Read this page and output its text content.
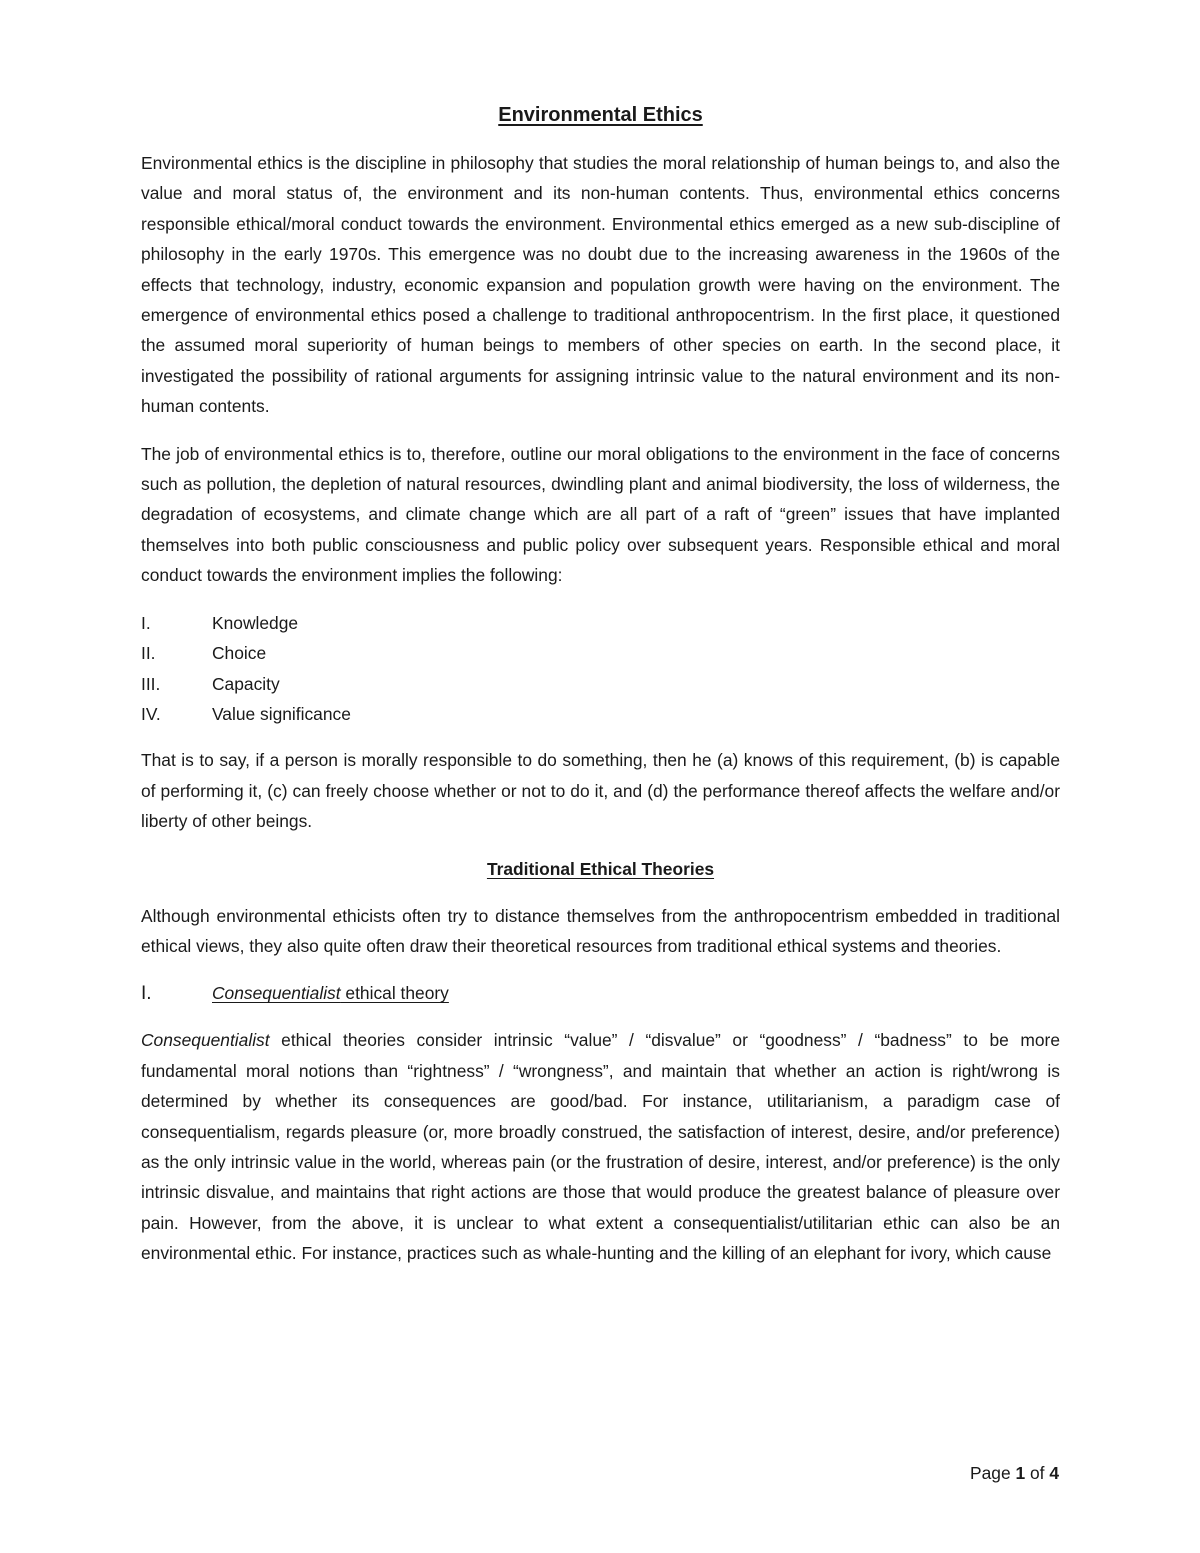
Environmental Ethics

Environmental ethics is the discipline in philosophy that studies the moral relationship of human beings to, and also the value and moral status of, the environment and its non-human contents. Thus, environmental ethics concerns responsible ethical/moral conduct towards the environment. Environmental ethics emerged as a new sub-discipline of philosophy in the early 1970s. This emergence was no doubt due to the increasing awareness in the 1960s of the effects that technology, industry, economic expansion and population growth were having on the environment. The emergence of environmental ethics posed a challenge to traditional anthropocentrism. In the first place, it questioned the assumed moral superiority of human beings to members of other species on earth. In the second place, it investigated the possibility of rational arguments for assigning intrinsic value to the natural environment and its non-human contents.

The job of environmental ethics is to, therefore, outline our moral obligations to the environment in the face of concerns such as pollution, the depletion of natural resources, dwindling plant and animal biodiversity, the loss of wilderness, the degradation of ecosystems, and climate change which are all part of a raft of “green” issues that have implanted themselves into both public consciousness and public policy over subsequent years. Responsible ethical and moral conduct towards the environment implies the following:

I.	Knowledge
II.	Choice
III.	Capacity
IV.	Value significance

That is to say, if a person is morally responsible to do something, then he (a) knows of this requirement, (b) is capable of performing it, (c) can freely choose whether or not to do it, and (d) the performance thereof affects the welfare and/or liberty of other beings.

Traditional Ethical Theories

Although environmental ethicists often try to distance themselves from the anthropocentrism embedded in traditional ethical views, they also quite often draw their theoretical resources from traditional ethical systems and theories.

I.	Consequentialist ethical theory

Consequentialist ethical theories consider intrinsic “value” / “disvalue” or “goodness” / “badness” to be more fundamental moral notions than “rightness” / “wrongness”, and maintain that whether an action is right/wrong is determined by whether its consequences are good/bad. For instance, utilitarianism, a paradigm case of consequentialism, regards pleasure (or, more broadly construed, the satisfaction of interest, desire, and/or preference) as the only intrinsic value in the world, whereas pain (or the frustration of desire, interest, and/or preference) is the only intrinsic disvalue, and maintains that right actions are those that would produce the greatest balance of pleasure over pain. However, from the above, it is unclear to what extent a consequentialist/utilitarian ethic can also be an environmental ethic. For instance, practices such as whale-hunting and the killing of an elephant for ivory, which cause

Page 1 of 4
